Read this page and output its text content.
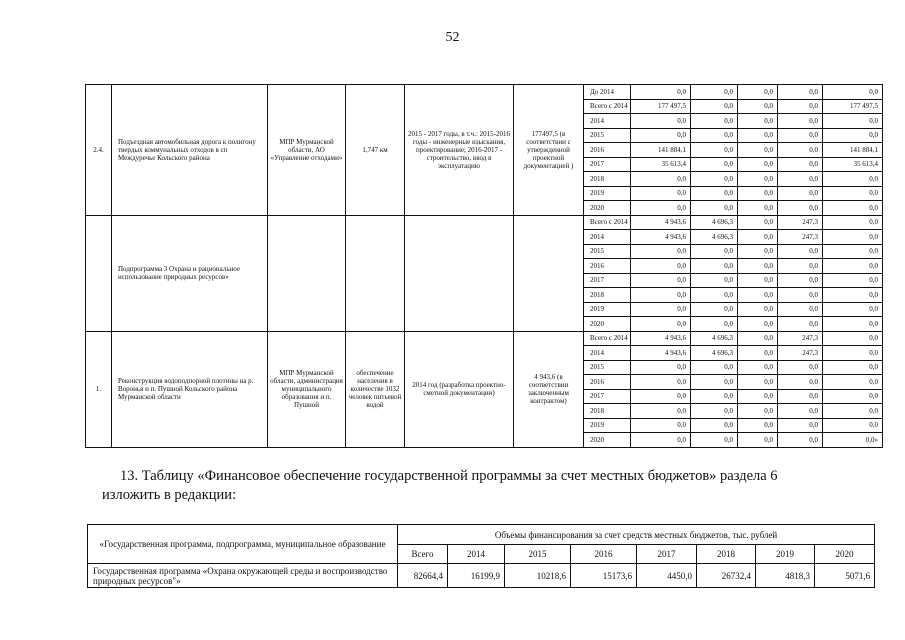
52
2.4.	Подъездная автомобильная дорога к полигону твердых коммунальных отходов в сп Междуречье Кольского района	МПР Мурманской области, АО «Управление отходами»	1,747 км	2015 - 2017 годы, в т.ч.: 2015-2016 годы - инженерные изыскания, проектирование; 2016-2017 - строительство, ввод в эксплуатацию	177497,5 (в соответствии с утвержденной проектной документацией )	До 2014	0,0	0,0	0,0	0,0	0,0
						Всего с 2014	177 497,5	0,0	0,0	0,0	177 497,5
						2014	0,0	0,0	0,0	0,0	0,0
						2015	0,0	0,0	0,0	0,0	0,0
						2016	141 884,1	0,0	0,0	0,0	141 884,1
						2017	35 613,4	0,0	0,0	0,0	35 613,4
						2018	0,0	0,0	0,0	0,0	0,0
						2019	0,0	0,0	0,0	0,0	0,0
						2020	0,0	0,0	0,0	0,0	0,0
	Подпрограмма 3 Охрана и рациональное использование природных ресурсов»					Всего с 2014	4 943,6	4 696,3	0,0	247,3	0,0
						2014	4 943,6	4 696,3	0,0	247,3	0,0
						2015	0,0	0,0	0,0	0,0	0,0
						2016	0,0	0,0	0,0	0,0	0,0
						2017	0,0	0,0	0,0	0,0	0,0
						2018	0,0	0,0	0,0	0,0	0,0
						2019	0,0	0,0	0,0	0,0	0,0
						2020	0,0	0,0	0,0	0,0	0,0
1.	Реконструкция водоподпорной плотины на р. Воронья н п. Пушной Кольского района Мурманской области	МПР Мурманской области, администрация муниципального образования н п. Пушной	обеспечение населения в количестве 1032 человек питьевой водой	2014 год (разработка проектно-сметной документации)	4 943,6 (в соответствии заключенным контрактом)	Всего с 2014	4 943,6	4 696,3	0,0	247,3	0,0
						2014	4 943,6	4 696,3	0,0	247,3	0,0
						2015	0,0	0,0	0,0	0,0	0,0
						2016	0,0	0,0	0,0	0,0	0,0
						2017	0,0	0,0	0,0	0,0	0,0
						2018	0,0	0,0	0,0	0,0	0,0
						2019	0,0	0,0	0,0	0,0	0,0
						2020	0,0	0,0	0,0	0,0	0,0»
13. Таблицу «Финансовое обеспечение государственной программы за счет местных бюджетов» раздела 6
изложить в редакции:
«Государственная программа, подпрограмма, муниципальное образование	Объемы финансирования за счет средств местных бюджетов, тыс. рублей							
	Всего	2014	2015	2016	2017	2018	2019	2020
Государственная программа «Охрана окружающей среды и воспроизводство природных ресурсов"»	82664,4	16199,9	10218,6	15173,6	4450,0	26732,4	4818,3	5071,6
